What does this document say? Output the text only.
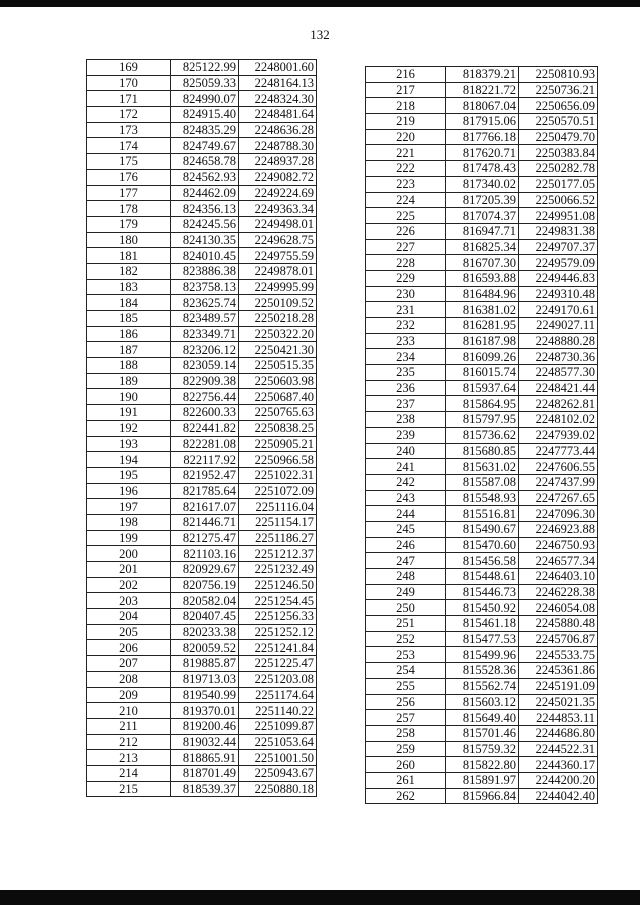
132
169	825122.99	2248001.60
170	825059.33	2248164.13
171	824990.07	2248324.30
172	824915.40	2248481.64
173	824835.29	2248636.28
174	824749.67	2248788.30
175	824658.78	2248937.28
176	824562.93	2249082.72
177	824462.09	2249224.69
178	824356.13	2249363.34
179	824245.56	2249498.01
180	824130.35	2249628.75
181	824010.45	2249755.59
182	823886.38	2249878.01
183	823758.13	2249995.99
184	823625.74	2250109.52
185	823489.57	2250218.28
186	823349.71	2250322.20
187	823206.12	2250421.30
188	823059.14	2250515.35
189	822909.38	2250603.98
190	822756.44	2250687.40
191	822600.33	2250765.63
192	822441.82	2250838.25
193	822281.08	2250905.21
194	822117.92	2250966.58
195	821952.47	2251022.31
196	821785.64	2251072.09
197	821617.07	2251116.04
198	821446.71	2251154.17
199	821275.47	2251186.27
200	821103.16	2251212.37
201	820929.67	2251232.49
202	820756.19	2251246.50
203	820582.04	2251254.45
204	820407.45	2251256.33
205	820233.38	2251252.12
206	820059.52	2251241.84
207	819885.87	2251225.47
208	819713.03	2251203.08
209	819540.99	2251174.64
210	819370.01	2251140.22
211	819200.46	2251099.87
212	819032.44	2251053.64
213	818865.91	2251001.50
214	818701.49	2250943.67
215	818539.37	2250880.18
216	818379.21	2250810.93
217	818221.72	2250736.21
218	818067.04	2250656.09
219	817915.06	2250570.51
220	817766.18	2250479.70
221	817620.71	2250383.84
222	817478.43	2250282.78
223	817340.02	2250177.05
224	817205.39	2250066.52
225	817074.37	2249951.08
226	816947.71	2249831.38
227	816825.34	2249707.37
228	816707.30	2249579.09
229	816593.88	2249446.83
230	816484.96	2249310.48
231	816381.02	2249170.61
232	816281.95	2249027.11
233	816187.98	2248880.28
234	816099.26	2248730.36
235	816015.74	2248577.30
236	815937.64	2248421.44
237	815864.95	2248262.81
238	815797.95	2248102.02
239	815736.62	2247939.02
240	815680.85	2247773.44
241	815631.02	2247606.55
242	815587.08	2247437.99
243	815548.93	2247267.65
244	815516.81	2247096.30
245	815490.67	2246923.88
246	815470.60	2246750.93
247	815456.58	2246577.34
248	815448.61	2246403.10
249	815446.73	2246228.38
250	815450.92	2246054.08
251	815461.18	2245880.48
252	815477.53	2245706.87
253	815499.96	2245533.75
254	815528.36	2245361.86
255	815562.74	2245191.09
256	815603.12	2245021.35
257	815649.40	2244853.11
258	815701.46	2244686.80
259	815759.32	2244522.31
260	815822.80	2244360.17
261	815891.97	2244200.20
262	815966.84	2244042.40
